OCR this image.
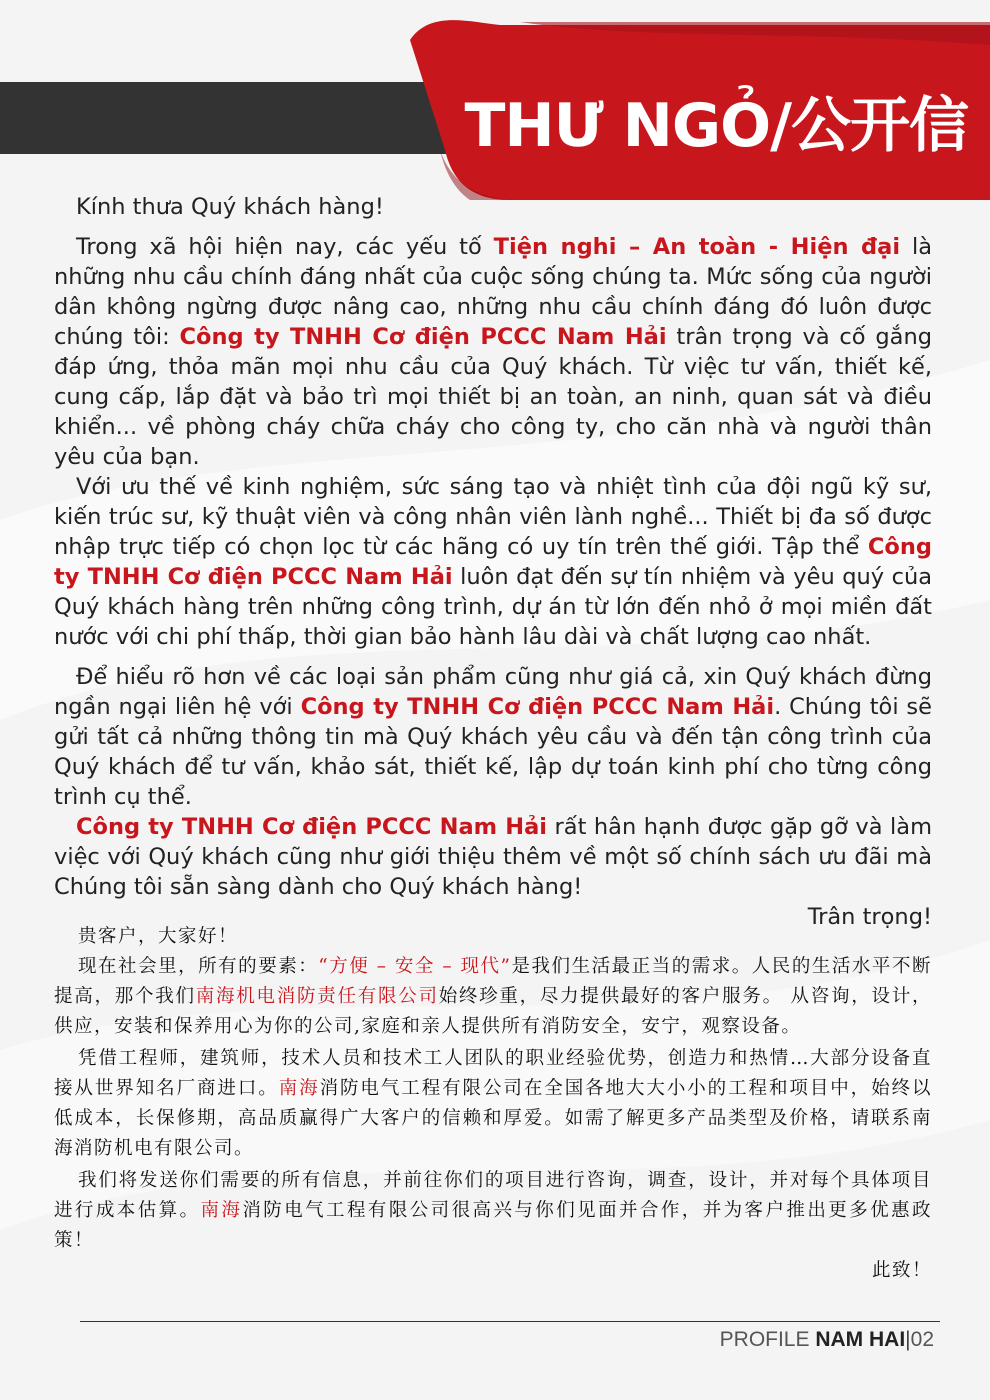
THƯ NGỎ/公开信

Kính thưa Quý khách hàng!

Trong xã hội hiện nay, các yếu tố Tiện nghi – An toàn - Hiện đại là những nhu cầu chính đáng nhất của cuộc sống chúng ta. Mức sống của người dân không ngừng được nâng cao, những nhu cầu chính đáng đó luôn được chúng tôi: Công ty TNHH Cơ điện PCCC Nam Hải trân trọng và cố gắng đáp ứng, thỏa mãn mọi nhu cầu của Quý khách. Từ việc tư vấn, thiết kế, cung cấp, lắp đặt và bảo trì mọi thiết bị an toàn, an ninh, quan sát và điều khiển... về phòng cháy chữa cháy cho công ty, cho căn nhà và người thân yêu của bạn.

Với ưu thế về kinh nghiệm, sức sáng tạo và nhiệt tình của đội ngũ kỹ sư, kiến trúc sư, kỹ thuật viên và công nhân viên lành nghề... Thiết bị đa số được nhập trực tiếp có chọn lọc từ các hãng có uy tín trên thế giới. Tập thể Công ty TNHH Cơ điện PCCC Nam Hải luôn đạt đến sự tín nhiệm và yêu quý của Quý khách hàng trên những công trình, dự án từ lớn đến nhỏ ở mọi miền đất nước với chi phí thấp, thời gian bảo hành lâu dài và chất lượng cao nhất.

Để hiểu rõ hơn về các loại sản phẩm cũng như giá cả, xin Quý khách đừng ngần ngại liên hệ với Công ty TNHH Cơ điện PCCC Nam Hải. Chúng tôi sẽ gửi tất cả những thông tin mà Quý khách yêu cầu và đến tận công trình của Quý khách để tư vấn, khảo sát, thiết kế, lập dự toán kinh phí cho từng công trình cụ thể.

Công ty TNHH Cơ điện PCCC Nam Hải rất hân hạnh được gặp gỡ và làm việc với Quý khách cũng như giới thiệu thêm về một số chính sách ưu đãi mà Chúng tôi sẵn sàng dành cho Quý khách hàng!

Trân trọng!

贵客户，大家好！

现在社会里，所有的要素：“方便 – 安全 – 现代”是我们生活最正当的需求。人民的生活水平不断提高，那个我们南海机电消防责任有限公司始终珍重，尽力提供最好的客户服务。 从咨询，设计，供应，安装和保养用心为你的公司,家庭和亲人提供所有消防安全，安宁，观察设备。

凭借工程师，建筑师，技术人员和技术工人团队的职业经验优势，创造力和热情…大部分设备直接从世界知名厂商进口。南海消防电气工程有限公司在全国各地大大小小的工程和项目中，始终以低成本，长保修期，高品质赢得广大客户的信赖和厚爱。如需了解更多产品类型及价格，请联系南海消防机电有限公司。

我们将发送你们需要的所有信息，并前往你们的项目进行咨询，调查，设计，并对每个具体项目进行成本估算。南海消防电气工程有限公司很高兴与你们见面并合作，并为客户推出更多优惠政策！

此致！

PROFILE NAM HAI|02
